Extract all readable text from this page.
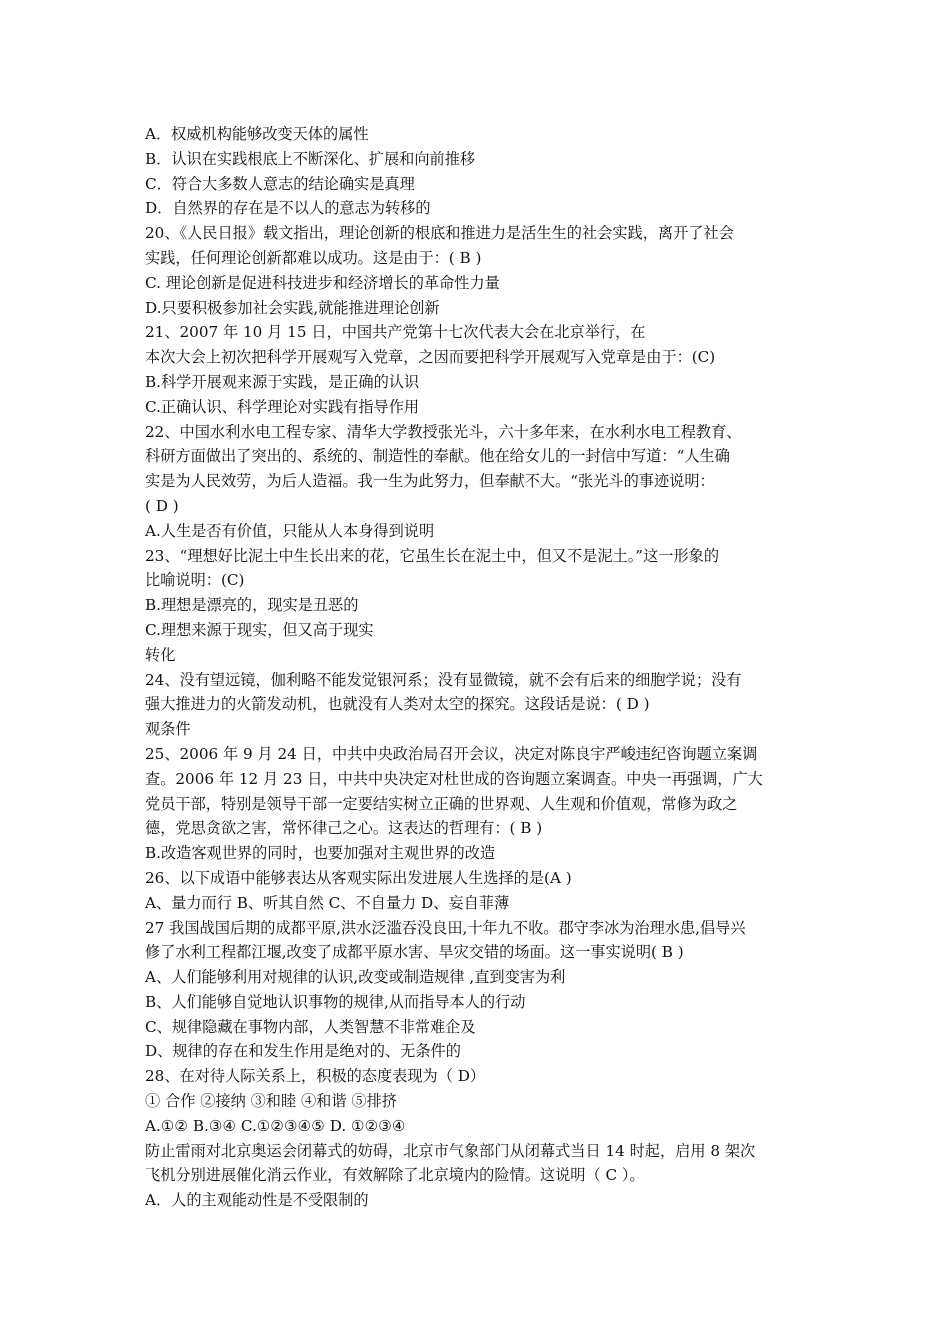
A．权威机构能够改变天体的属性
B．认识在实践根底上不断深化、扩展和向前推移
C．符合大多数人意志的结论确实是真理
D．自然界的存在是不以人的意志为转移的
20、《人民日报》载文指出，理论创新的根底和推进力是活生生的社会实践，离开了社会
实践，任何理论创新都难以成功。这是由于：( B )
C. 理论创新是促进科技进步和经济增长的革命性力量
D.只要积极参加社会实践,就能推进理论创新
21、2007 年 10 月 15 日，中国共产党第十七次代表大会在北京举行，在
本次大会上初次把科学开展观写入党章，之因而要把科学开展观写入党章是由于：(C)
B.科学开展观来源于实践，是正确的认识
C.正确认识、科学理论对实践有指导作用
22、中国水利水电工程专家、清华大学教授张光斗，六十多年来，在水利水电工程教育、
科研方面做出了突出的、系统的、制造性的奉献。他在给女儿的一封信中写道：“人生确
实是为人民效劳，为后人造福。我一生为此努力，但奉献不大。“张光斗的事迹说明：
( D )
A.人生是否有价值，只能从人本身得到说明
23、“理想好比泥土中生长出来的花，它虽生长在泥土中，但又不是泥土。”这一形象的
比喻说明：(C)
B.理想是漂亮的，现实是丑恶的
C.理想来源于现实，但又高于现实
转化
24、没有望远镜，伽利略不能发觉银河系；没有显微镜，就不会有后来的细胞学说；没有
强大推进力的火箭发动机，也就没有人类对太空的探究。这段话是说：( D )
观条件
25、2006 年 9 月 24 日，中共中央政治局召开会议，决定对陈良宇严峻违纪咨询题立案调
查。2006 年 12 月 23 日，中共中央决定对杜世成的咨询题立案调查。中央一再强调，广大
党员干部，特别是领导干部一定要结实树立正确的世界观、人生观和价值观，常修为政之
德，党思贪欲之害，常怀律己之心。这表达的哲理有：( B )
B.改造客观世界的同时，也要加强对主观世界的改造
26、以下成语中能够表达从客观实际出发进展人生选择的是(A )
A、量力而行 B、听其自然 C、不自量力 D、妄自菲薄
27 我国战国后期的成都平原,洪水泛滥吞没良田,十年九不收。郡守李冰为治理水患,倡导兴
修了水利工程都江堰,改变了成都平原水害、旱灾交错的场面。这一事实说明( B )
A、人们能够利用对规律的认识,改变或制造规律 ,直到变害为利
B、人们能够自觉地认识事物的规律,从而指导本人的行动
C、规律隐藏在事物内部，人类智慧不非常难企及
D、规律的存在和发生作用是绝对的、无条件的
28、在对待人际关系上，积极的态度表现为（ D）
① 合作 ②接纳 ③和睦 ④和谐 ⑤排挤
A.①② B.③④ C.①②③④⑤ D. ①②③④
防止雷雨对北京奥运会闭幕式的妨碍，北京市气象部门从闭幕式当日 14 时起，启用 8 架次
飞机分别进展催化消云作业，有效解除了北京境内的险情。这说明（ C ）。
A．人的主观能动性是不受限制的
